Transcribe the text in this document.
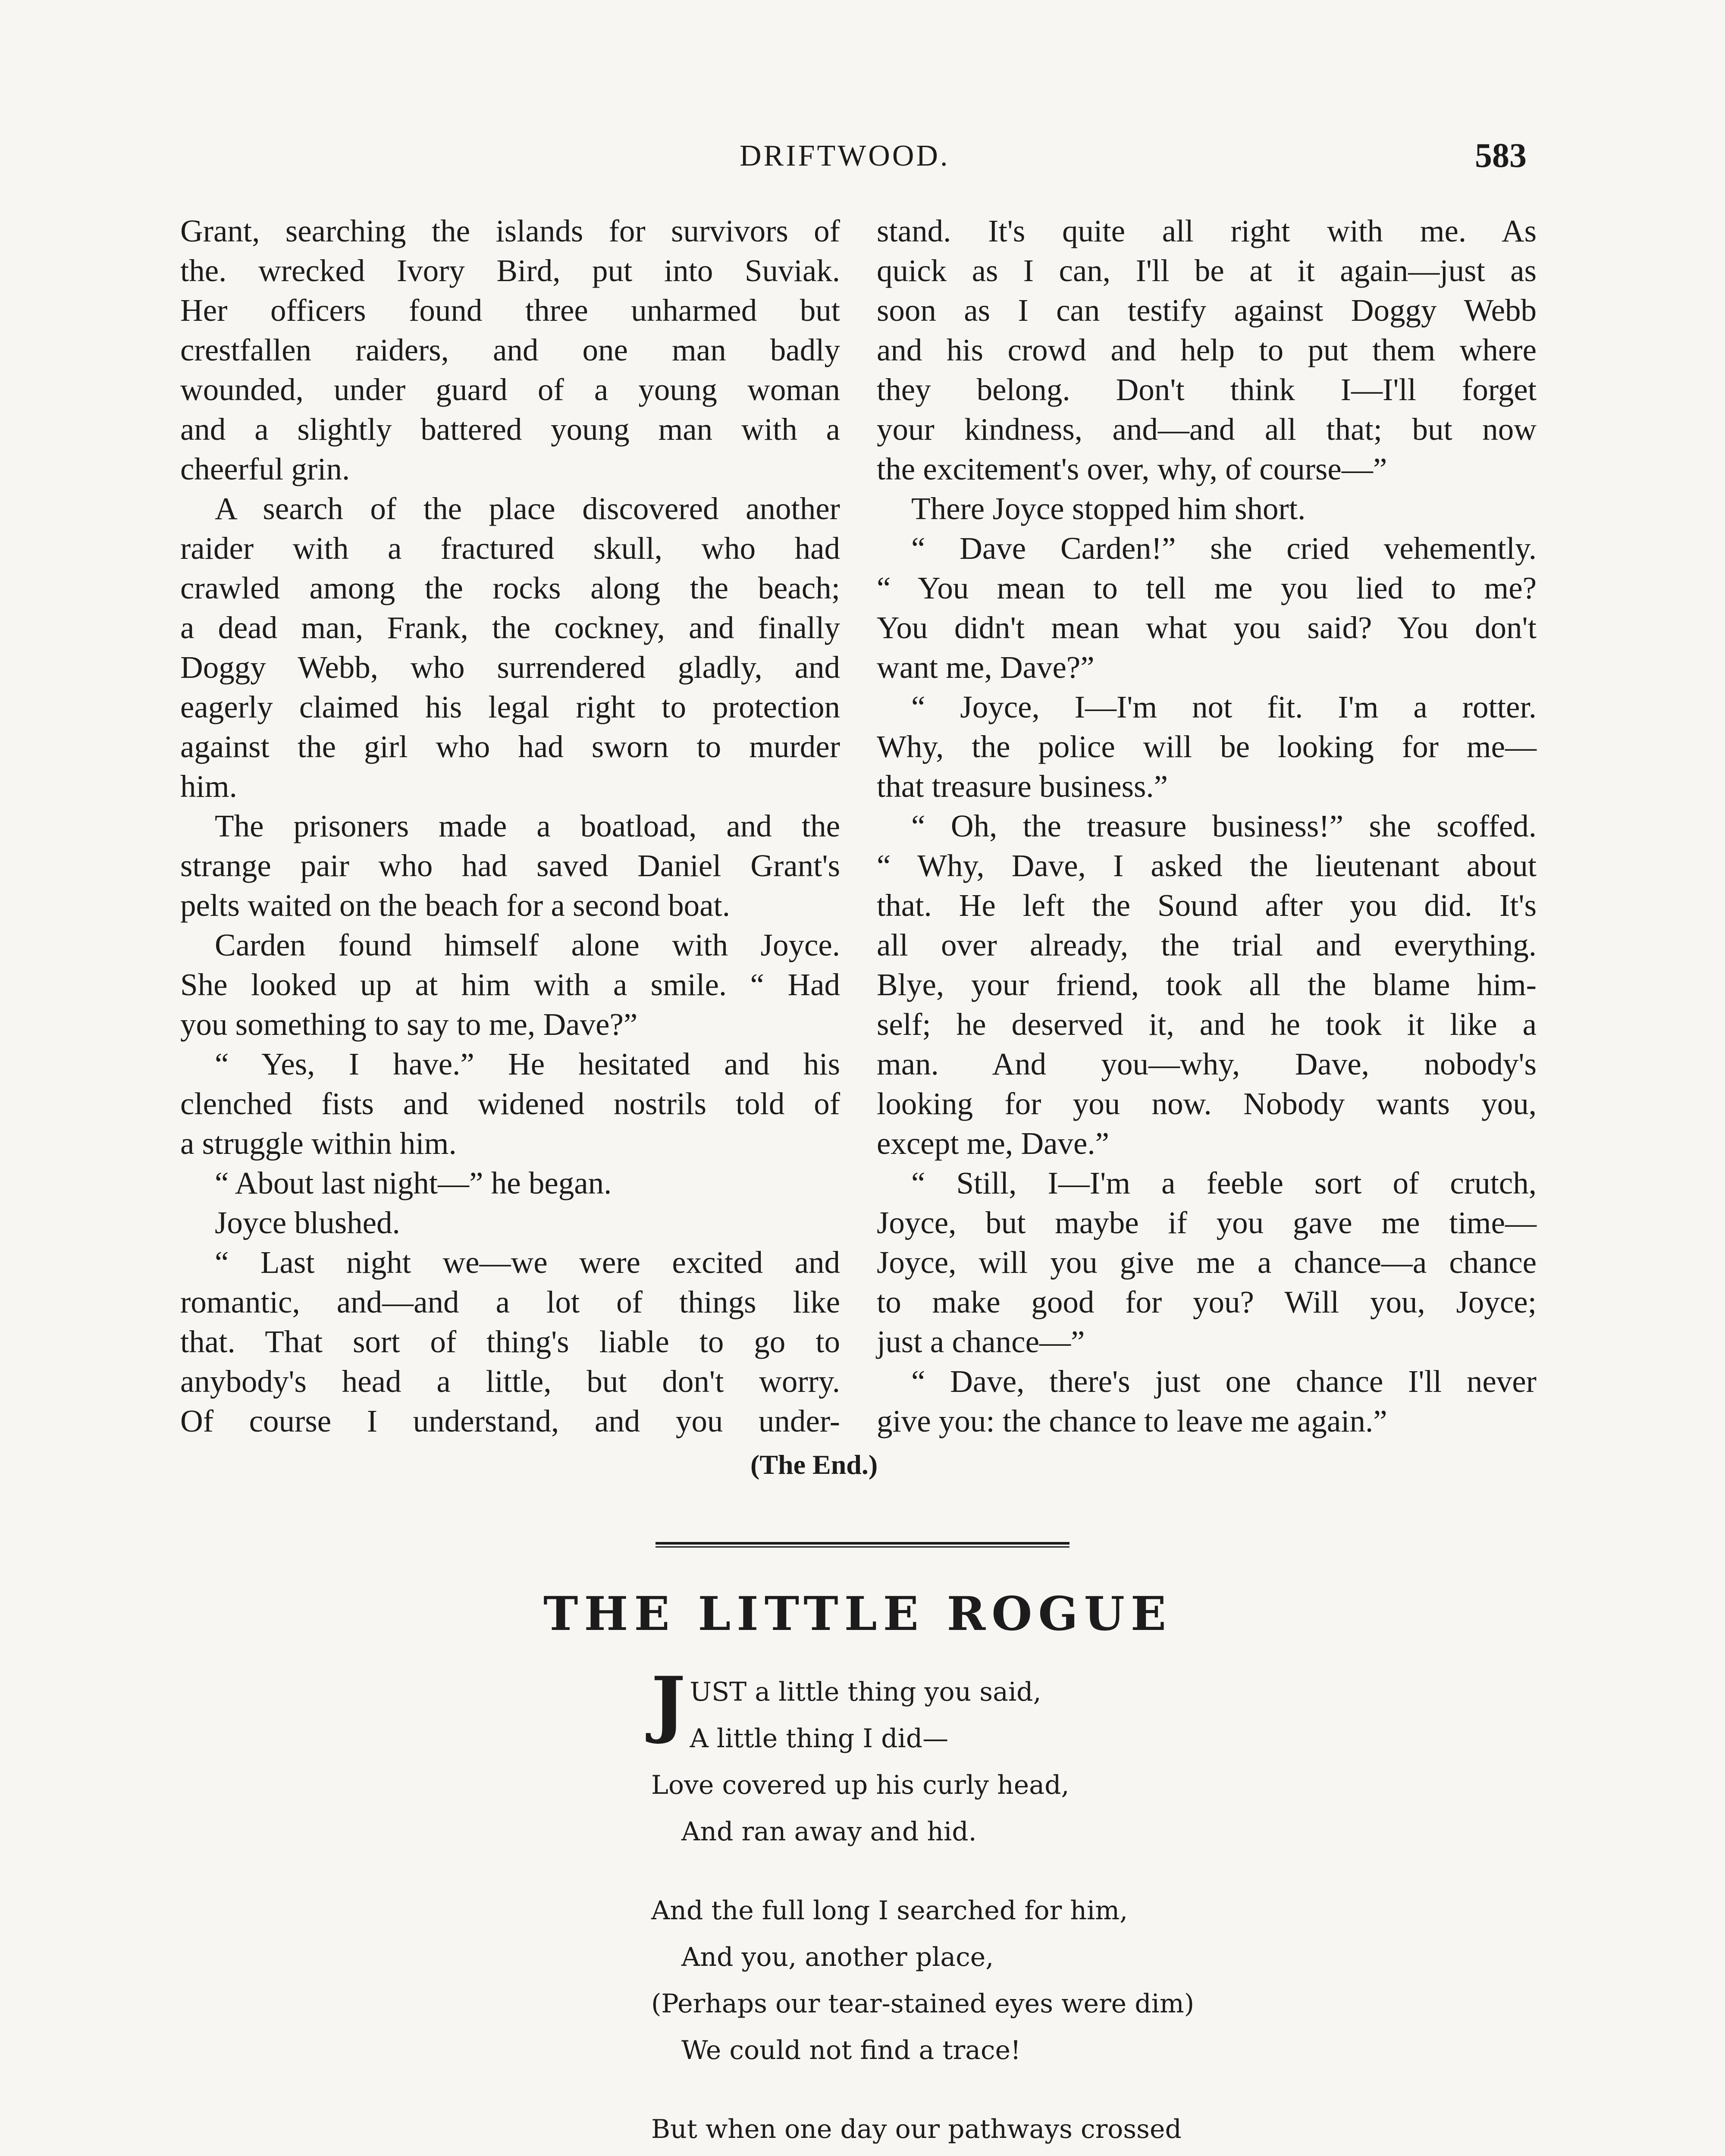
DRIFTWOOD.	583
Grant, searching the islands for survivors of
the. wrecked Ivory Bird, put into Suviak.
Her officers found three unharmed but
crestfallen raiders, and one man badly
wounded, under guard of a young woman
and a slightly battered young man with a
cheerful grin.
A search of the place discovered another
raider with a fractured skull, who had
crawled among the rocks along the beach;
a dead man, Frank, the cockney, and finally
Doggy Webb, who surrendered gladly, and
eagerly claimed his legal right to protection
against the girl who had sworn to murder
him.
The prisoners made a boatload, and the
strange pair who had saved Daniel Grant's
pelts waited on the beach for a second boat.
Carden found himself alone with Joyce.
She looked up at him with a smile. “ Had
you something to say to me, Dave?”
“ Yes, I have.” He hesitated and his
clenched fists and widened nostrils told of
a struggle within him.
“ About last night—” he began.
Joyce blushed.
“ Last night we—we were excited and
romantic, and—and a lot of things like
that. That sort of thing's liable to go to
anybody's head a little, but don't worry.
Of course I understand, and you under-
stand. It's quite all right with me. As
quick as I can, I'll be at it again—just as
soon as I can testify against Doggy Webb
and his crowd and help to put them where
they belong. Don't think I—I'll forget
your kindness, and—and all that; but now
the excitement's over, why, of course—”
There Joyce stopped him short.
“ Dave Carden!” she cried vehemently.
“ You mean to tell me you lied to me?
You didn't mean what you said? You don't
want me, Dave?”
“ Joyce, I—I'm not fit. I'm a rotter.
Why, the police will be looking for me—
that treasure business.”
“ Oh, the treasure business!” she scoffed.
“ Why, Dave, I asked the lieutenant about
that. He left the Sound after you did. It's
all over already, the trial and everything.
Blye, your friend, took all the blame him-
self; he deserved it, and he took it like a
man. And you—why, Dave, nobody's
looking for you now. Nobody wants you,
except me, Dave.”
“ Still, I—I'm a feeble sort of crutch,
Joyce, but maybe if you gave me time—
Joyce, will you give me a chance—a chance
to make good for you? Will you, Joyce;
just a chance—”
“ Dave, there's just one chance I'll never
give you: the chance to leave me again.”
(The End.)
THE LITTLE ROGUE
J UST a little thing you said,
A little thing I did—
Love covered up his curly head,
And ran away and hid.
And the full long I searched for him,
And you, another place,
(Perhaps our tear-stained eyes were dim)
We could not find a trace!
But when one day our pathways crossed
